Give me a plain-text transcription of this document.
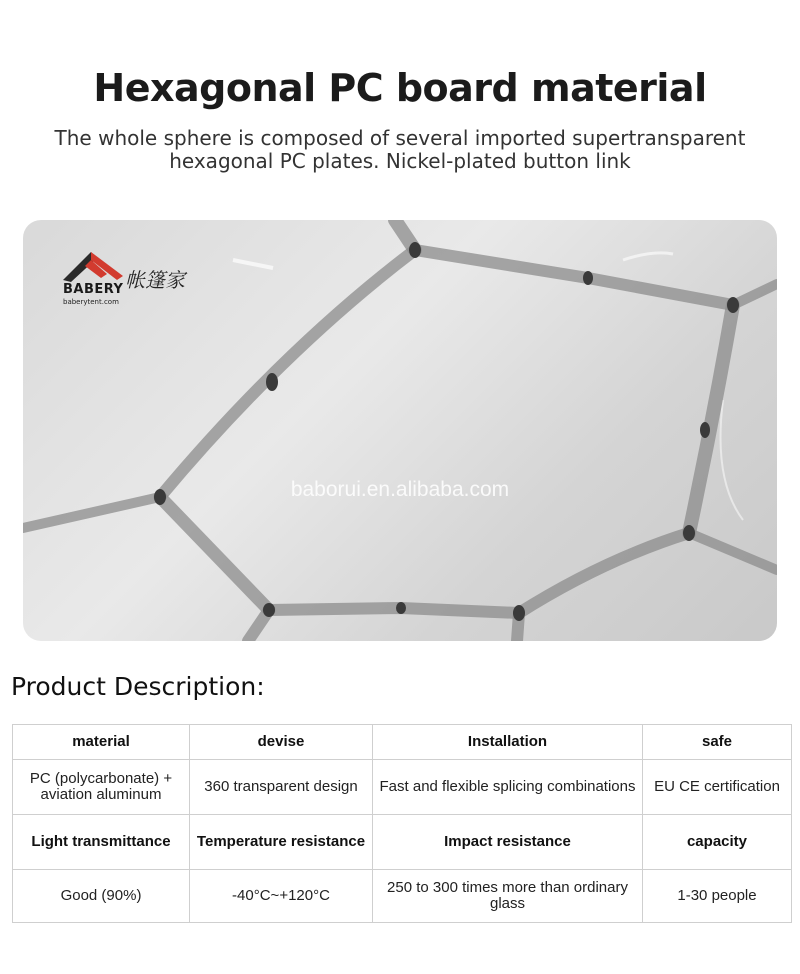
Hexagonal PC board material
The whole sphere is composed of several imported supertransparent hexagonal PC plates. Nickel-plated button link
帐篷家
BABERY
baberytent.com
baborui.en.alibaba.com
Product Description:
material	devise	Installation	safe
PC (polycarbonate) + aviation aluminum	360 transparent design	Fast and flexible splicing combinations	EU CE certification
Light transmittance	Temperature resistance	Impact resistance	capacity
Good (90%)	-40°C~+120°C	250 to 300 times more than ordinary glass	1-30 people
